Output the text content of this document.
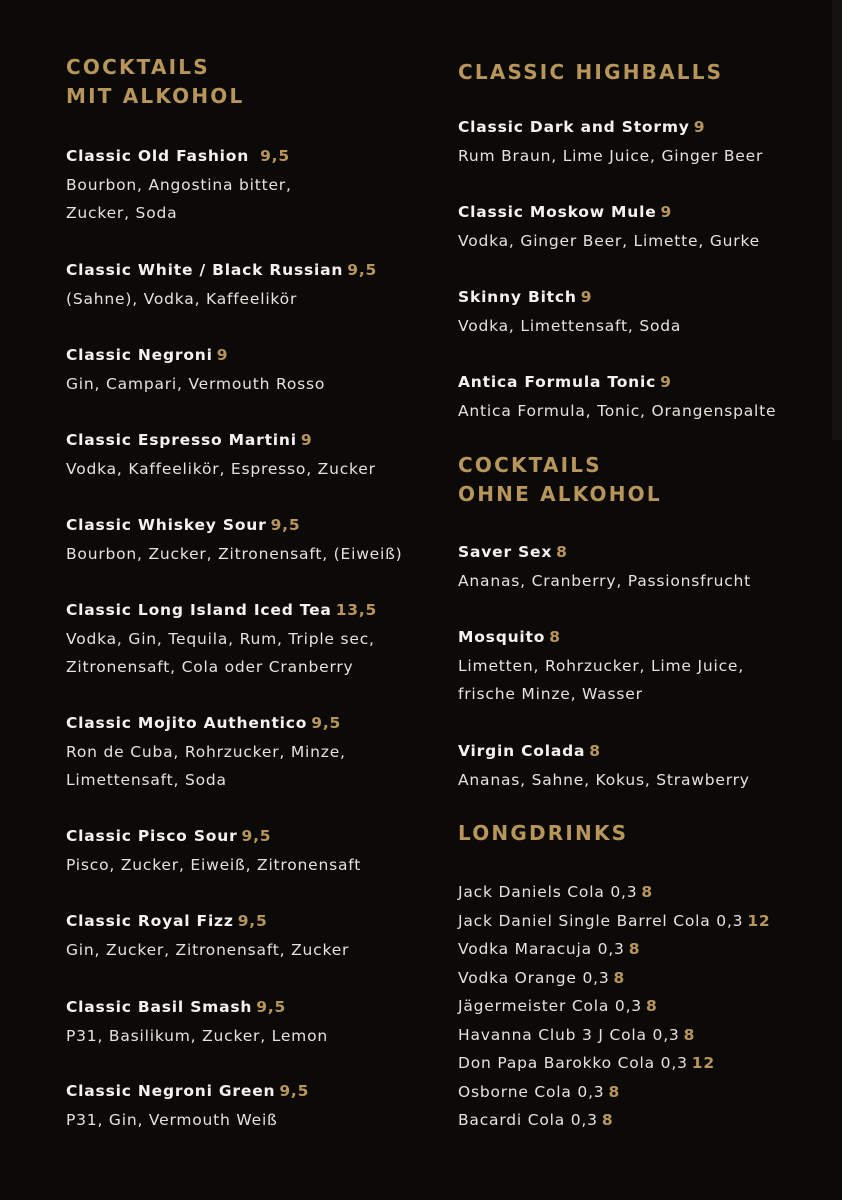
COCKTAILS
MIT ALKOHOL
Classic Old Fashion 9,5
Bourbon, Angostina bitter,
Zucker, Soda
Classic White / Black Russian 9,5
(Sahne), Vodka, Kaffeelikör
Classic Negroni 9
Gin, Campari, Vermouth Rosso
Classic Espresso Martini 9
Vodka, Kaffeelikör, Espresso, Zucker
Classic Whiskey Sour 9,5
Bourbon, Zucker, Zitronensaft, (Eiweiß)
Classic Long Island Iced Tea 13,5
Vodka, Gin, Tequila, Rum, Triple sec,
Zitronensaft, Cola oder Cranberry
Classic Mojito Authentico 9,5
Ron de Cuba, Rohrzucker, Minze,
Limettensaft, Soda
Classic Pisco Sour 9,5
Pisco, Zucker, Eiweiß, Zitronensaft
Classic Royal Fizz 9,5
Gin, Zucker, Zitronensaft, Zucker
Classic Basil Smash 9,5
P31, Basilikum, Zucker, Lemon
Classic Negroni Green 9,5
P31, Gin, Vermouth Weiß
CLASSIC HIGHBALLS
Classic Dark and Stormy 9
Rum Braun, Lime Juice, Ginger Beer
Classic Moskow Mule 9
Vodka, Ginger Beer, Limette, Gurke
Skinny Bitch 9
Vodka, Limettensaft, Soda
Antica Formula Tonic 9
Antica Formula, Tonic, Orangenspalte
COCKTAILS
OHNE ALKOHOL
Saver Sex 8
Ananas, Cranberry, Passionsfrucht
Mosquito 8
Limetten, Rohrzucker, Lime Juice,
frische Minze, Wasser
Virgin Colada 8
Ananas, Sahne, Kokus, Strawberry
LONGDRINKS
Jack Daniels Cola 0,3 8
Jack Daniel Single Barrel Cola 0,3 12
Vodka Maracuja 0,3 8
Vodka Orange 0,3 8
Jägermeister Cola 0,3 8
Havanna Club 3 J Cola 0,3 8
Don Papa Barokko Cola 0,3 12
Osborne Cola 0,3 8
Bacardi Cola 0,3 8
